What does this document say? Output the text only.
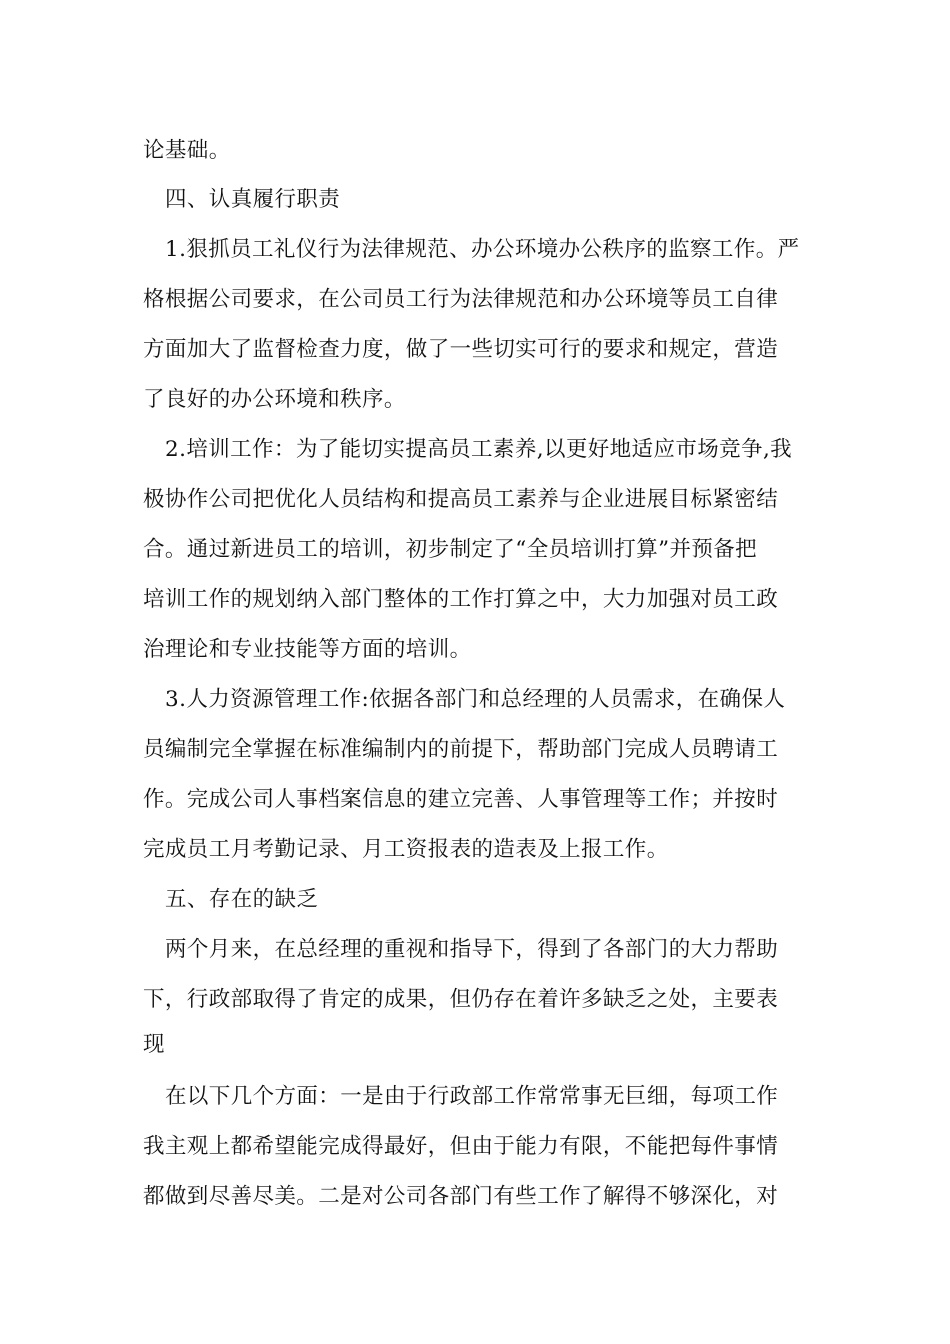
论基础。
四、认真履行职责
1.狠抓员工礼仪行为法律规范、办公环境办公秩序的监察工作。严
格根据公司要求，在公司员工行为法律规范和办公环境等员工自律
方面加大了监督检查力度，做了一些切实可行的要求和规定，营造
了良好的办公环境和秩序。
2.培训工作：为了能切实提高员工素养,以更好地适应市场竞争,我
极协作公司把优化人员结构和提高员工素养与企业进展目标紧密结
合。通过新进员工的培训，初步制定了“全员培训打算”并预备把
培训工作的规划纳入部门整体的工作打算之中，大力加强对员工政
治理论和专业技能等方面的培训。
3.人力资源管理工作:依据各部门和总经理的人员需求，在确保人
员编制完全掌握在标准编制内的前提下，帮助部门完成人员聘请工
作。完成公司人事档案信息的建立完善、人事管理等工作；并按时
完成员工月考勤记录、月工资报表的造表及上报工作。
五、存在的缺乏
两个月来，在总经理的重视和指导下，得到了各部门的大力帮助
下，行政部取得了肯定的成果，但仍存在着许多缺乏之处，主要表
现
在以下几个方面：一是由于行政部工作常常事无巨细，每项工作
我主观上都希望能完成得最好，但由于能力有限，不能把每件事情
都做到尽善尽美。二是对公司各部门有些工作了解得不够深化，对
